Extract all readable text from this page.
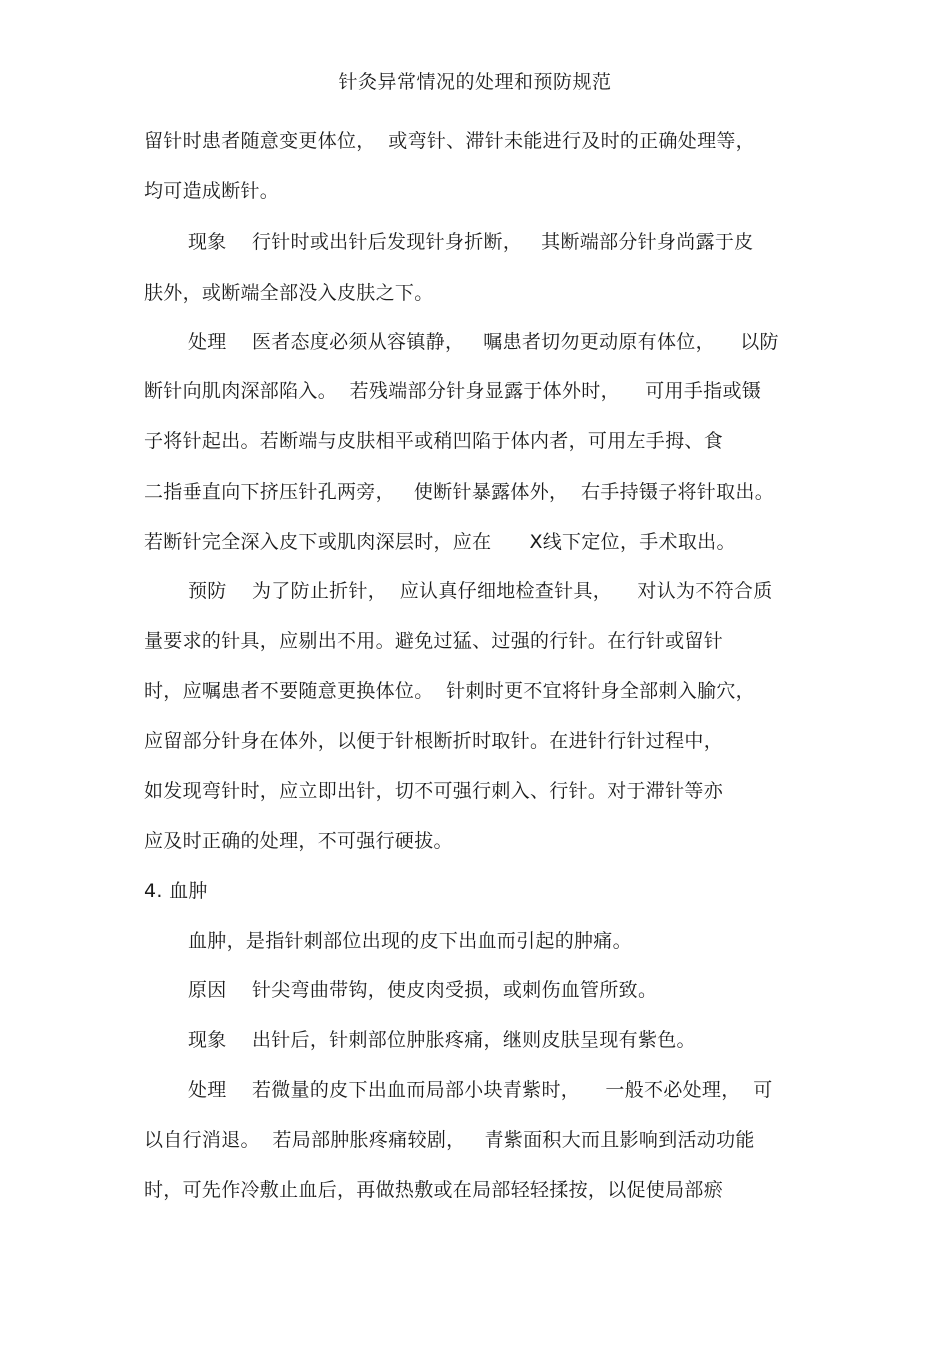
针灸异常情况的处理和预防规范
留针时患者随意变更体位，  或弯针、滞针未能进行及时的正确处理等，
均可造成断针。
现象    行针时或出针后发现针身折断，   其断端部分针身尚露于皮
肤外，或断端全部没入皮肤之下。
处理    医者态度必须从容镇静，   嘱患者切勿更动原有体位，    以防
断针向肌肉深部陷入。  若残端部分针身显露于体外时，    可用手指或镊
子将针起出。若断端与皮肤相平或稍凹陷于体内者，可用左手拇、食
二指垂直向下挤压针孔两旁，   使断针暴露体外，  右手持镊子将针取出。
若断针完全深入皮下或肌肉深层时，应在      X线下定位，手术取出。
预防    为了防止折针，  应认真仔细地检查针具，    对认为不符合质
量要求的针具，应剔出不用。避免过猛、过强的行针。在行针或留针
时，应嘱患者不要随意更换体位。  针刺时更不宜将针身全部刺入腧穴，
应留部分针身在体外，以便于针根断折时取针。在进针行针过程中，
如发现弯针时，应立即出针，切不可强行刺入、行针。对于滞针等亦
应及时正确的处理，不可强行硬拔。
4. 血肿
血肿，是指针刺部位出现的皮下出血而引起的肿痛。
原因    针尖弯曲带钩，使皮肉受损，或刺伤血管所致。
现象    出针后，针刺部位肿胀疼痛，继则皮肤呈现有紫色。
处理    若微量的皮下出血而局部小块青紫时，    一般不必处理，  可
以自行消退。  若局部肿胀疼痛较剧，   青紫面积大而且影响到活动功能
时，可先作冷敷止血后，再做热敷或在局部轻轻揉按，以促使局部瘀
